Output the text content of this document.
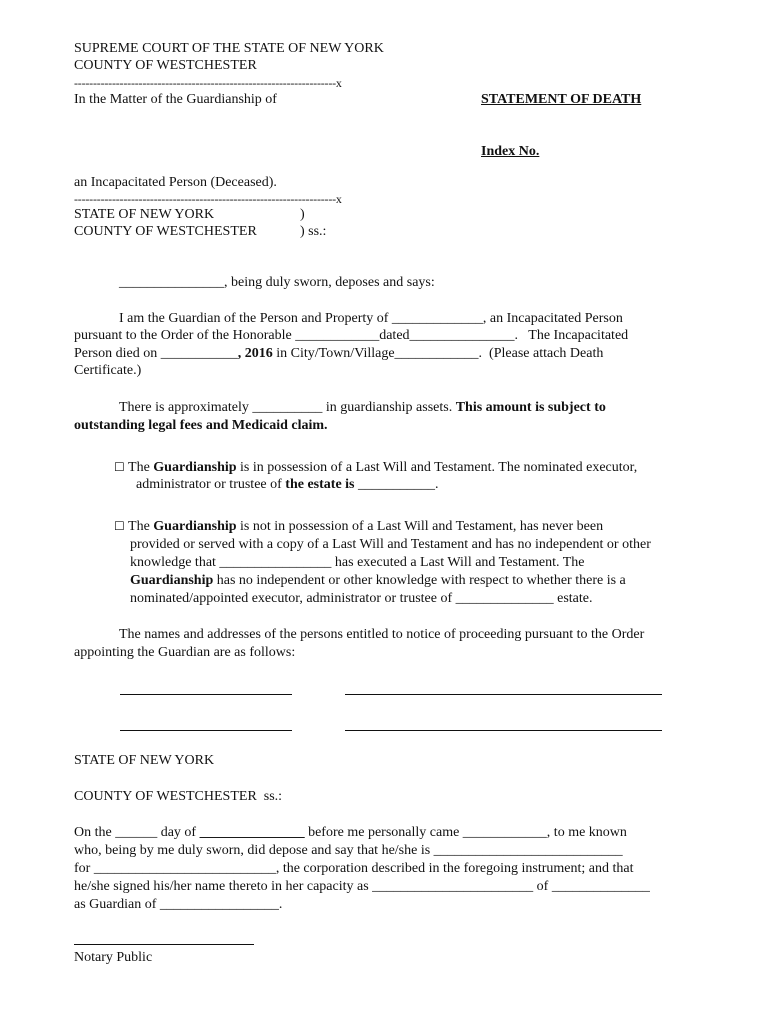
SUPREME COURT OF THE STATE OF NEW YORK
COUNTY OF WESTCHESTER
---------------------------------------------------------------------x
In the Matter of the Guardianship of	STATEMENT OF DEATH
Index No.
an Incapacitated Person (Deceased).
---------------------------------------------------------------------x
STATE OF NEW YORK	)
COUNTY OF WESTCHESTER	) ss.:
_______________, being duly sworn, deposes and says:
I am the Guardian of the Person and Property of _____________, an Incapacitated Person
pursuant to the Order of the Honorable ____________dated_______________.   The Incapacitated
Person died on ___________, 2016 in City/Town/Village____________.  (Please attach Death
Certificate.)
There is approximately __________ in guardianship assets. This amount is subject to
outstanding legal fees and Medicaid claim.
☐ The Guardianship is in possession of a Last Will and Testament. The nominated executor,
administrator or trustee of the estate is ___________.
☐ The Guardianship is not in possession of a Last Will and Testament, has never been
provided or served with a copy of a Last Will and Testament and has no independent or other
knowledge that ________________ has executed a Last Will and Testament. The
Guardianship has no independent or other knowledge with respect to whether there is a
nominated/appointed executor, administrator or trustee of ______________ estate.
The names and addresses of the persons entitled to notice of proceeding pursuant to the Order
appointing the Guardian are as follows:
STATE OF NEW YORK
COUNTY OF WESTCHESTER  ss.:
On the ______ day of _______________ before me personally came ____________, to me known
who, being by me duly sworn, did depose and say that he/she is ___________________________
for __________________________, the corporation described in the foregoing instrument; and that
he/she signed his/her name thereto in her capacity as _______________________ of ______________
as Guardian of _________________.
Notary Public
